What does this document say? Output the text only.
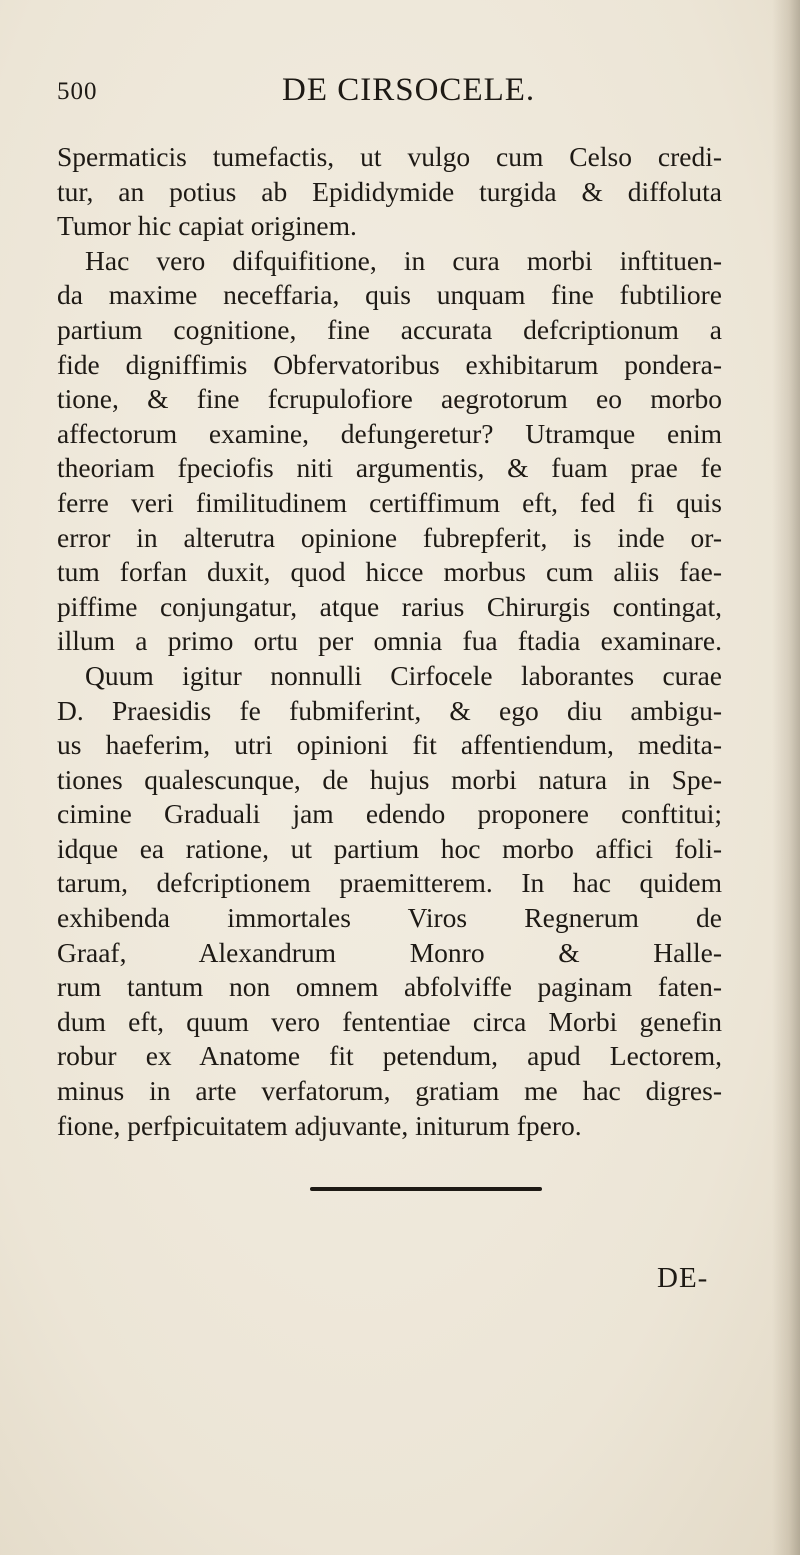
500	DE CIRSOCELE.
Spermaticis tumefactis, ut vulgo cum Celso credi-
tur, an potius ab Epididymide turgida & diffoluta
Tumor hic capiat originem.
Hac vero difquifitione, in cura morbi inftituen-
da maxime neceffaria, quis unquam fine fubtiliore
partium cognitione, fine accurata defcriptionum a
fide digniffimis Obfervatoribus exhibitarum pondera-
tione, & fine fcrupulofiore aegrotorum eo morbo
affectorum examine, defungeretur? Utramque enim
theoriam fpeciofis niti argumentis, & fuam prae fe
ferre veri fimilitudinem certiffimum eft, fed fi quis
error in alterutra opinione fubrepferit, is inde or-
tum forfan duxit, quod hicce morbus cum aliis fae-
piffime conjungatur, atque rarius Chirurgis contingat,
illum a primo ortu per omnia fua ftadia examinare.
Quum igitur nonnulli Cirfocele laborantes curae
D. Praesidis fe fubmiferint, & ego diu ambigu-
us haeferim, utri opinioni fit affentiendum, medita-
tiones qualescunque, de hujus morbi natura in Spe-
cimine Graduali jam edendo proponere conftitui;
idque ea ratione, ut partium hoc morbo affici foli-
tarum, defcriptionem praemitterem. In hac quidem
exhibenda immortales Viros Regnerum de
Graaf, Alexandrum Monro & Halle-
rum tantum non omnem abfolviffe paginam faten-
dum eft, quum vero fententiae circa Morbi genefin
robur ex Anatome fit petendum, apud Lectorem,
minus in arte verfatorum, gratiam me hac digres-
fione, perfpicuitatem adjuvante, initurum fpero.
DE-
